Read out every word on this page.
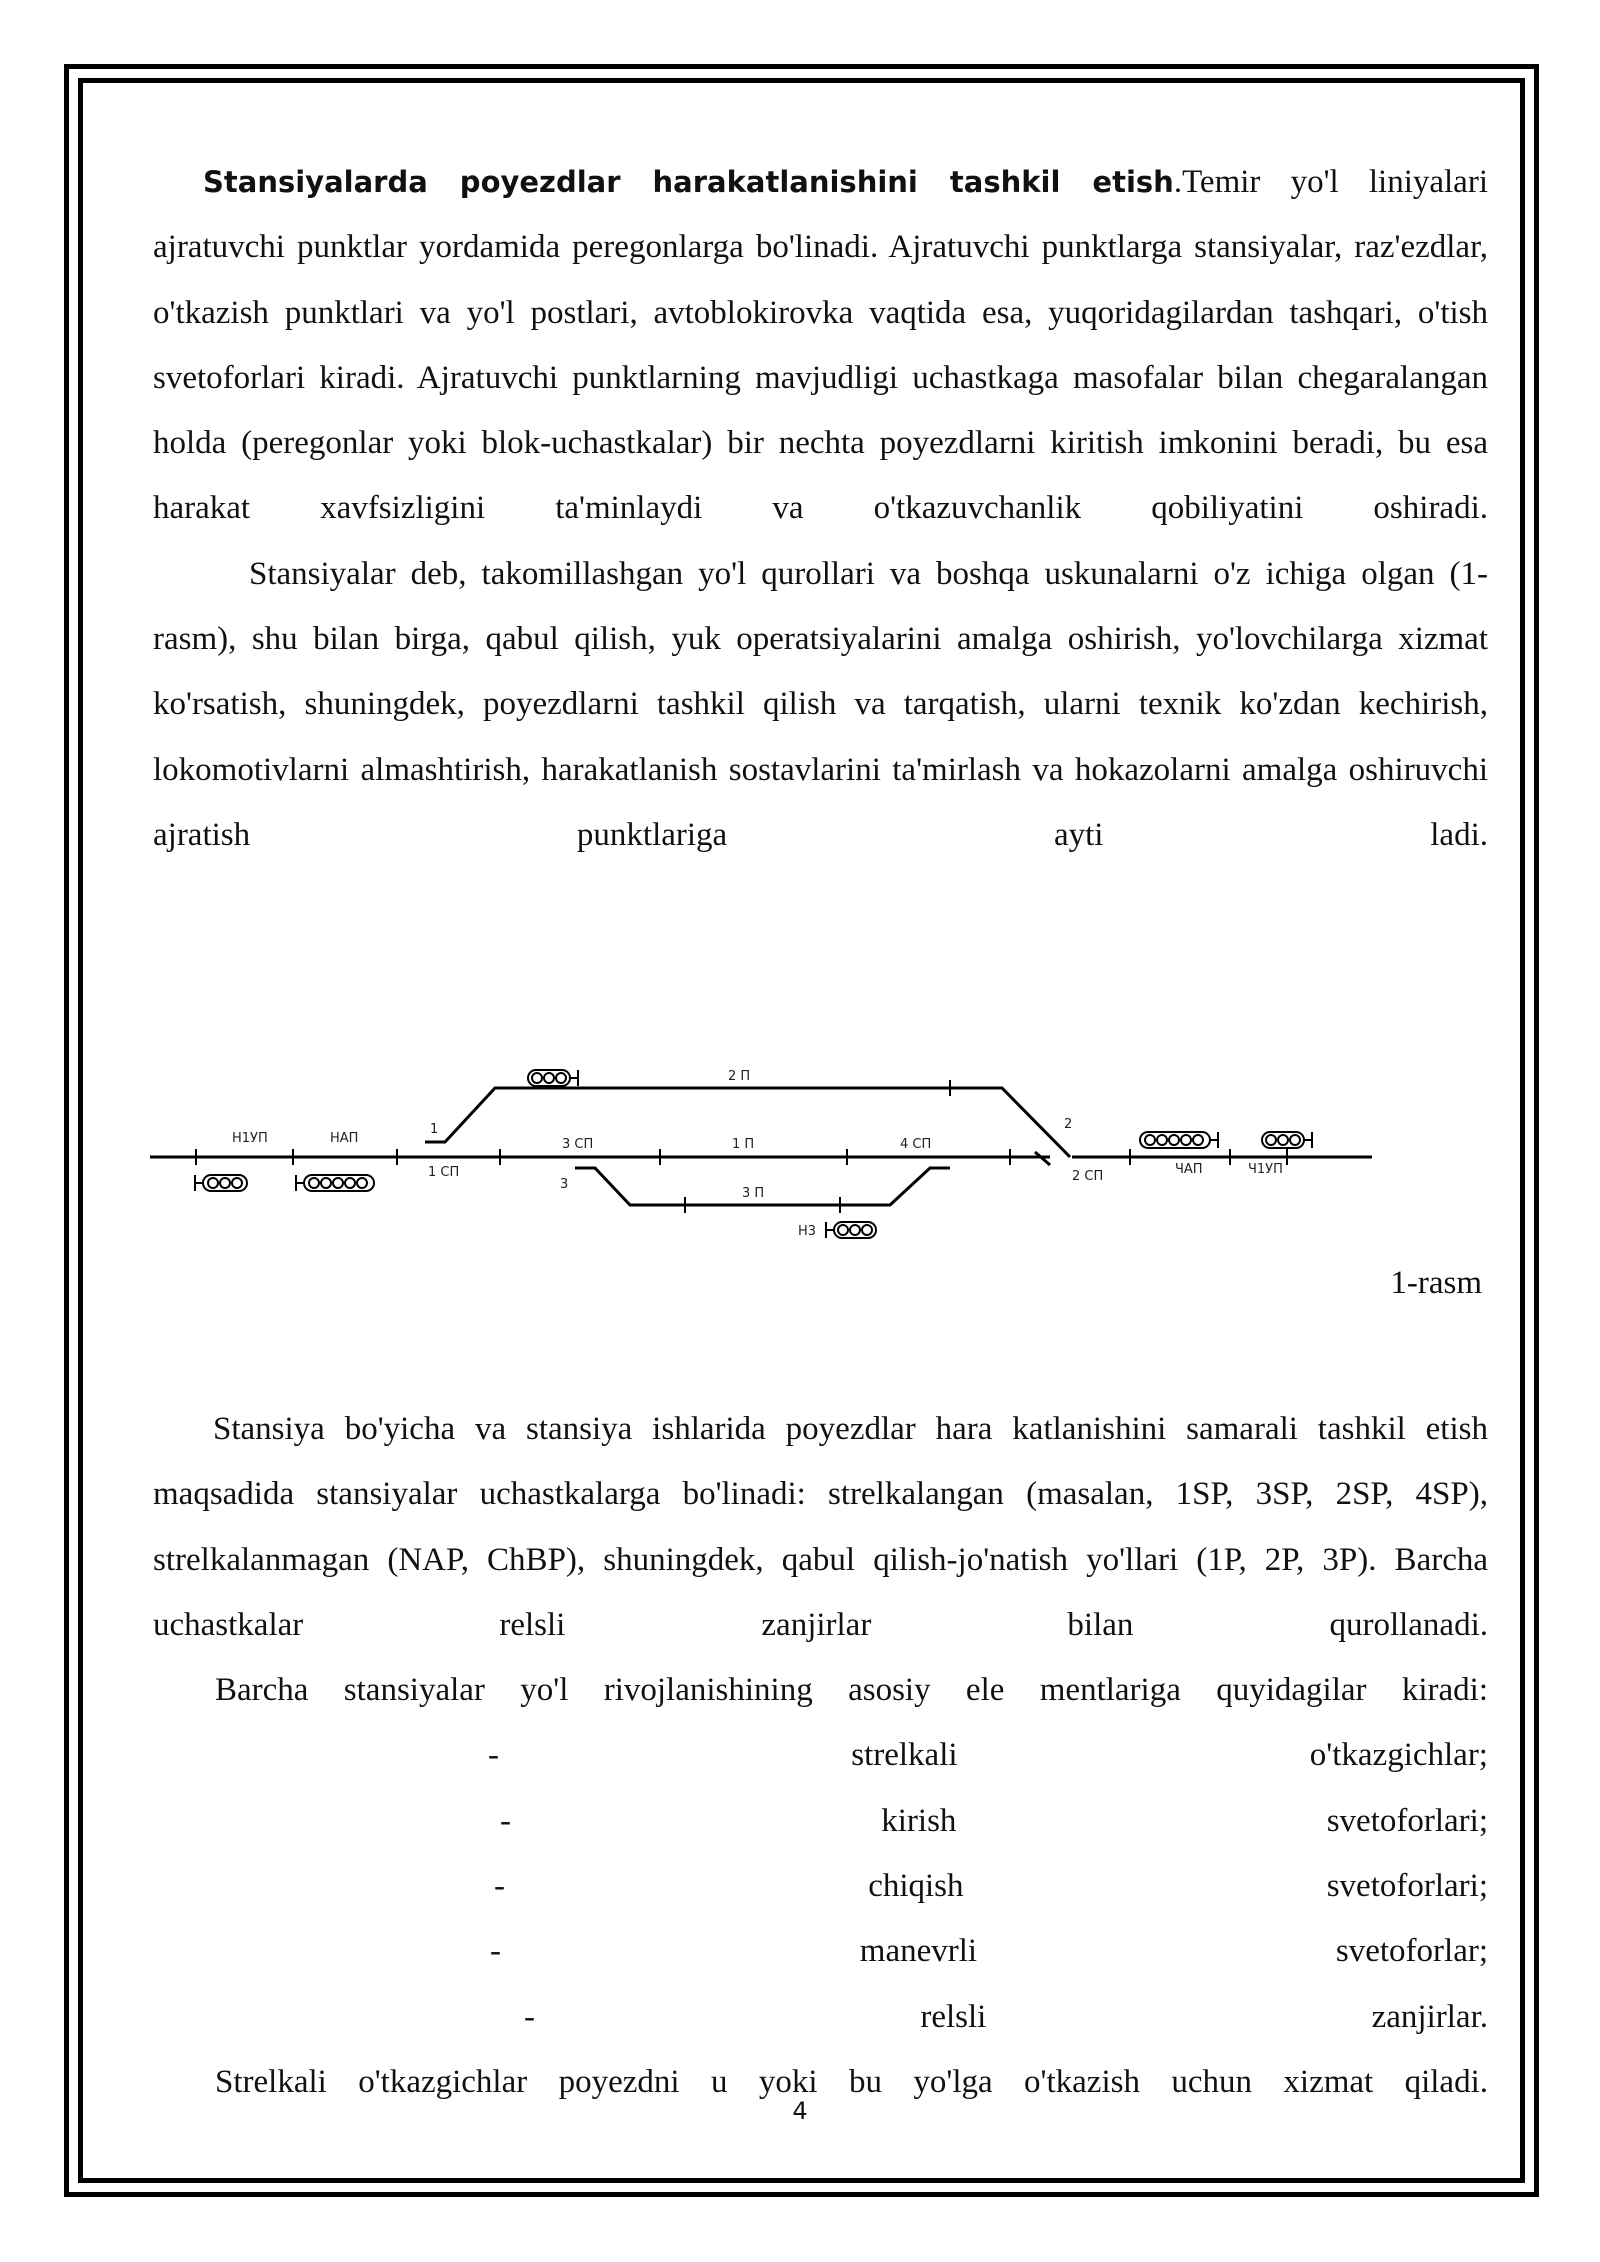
Stansiyalarda poyezdlar harakatlanishini tashkil etish.Temir yo'l liniyalari ajratuvchi punktlar yordamida peregonlarga bo'linadi. Ajratuvchi punktlarga stansiyalar, raz'ezdlar, o'tkazish punktlari va yo'l postlari, avtoblokirovka vaqtida esa, yuqoridagilardan tashqari, o'tish svetoforlari kiradi. Ajratuvchi punktlarning mavjudligi uchastkaga masofalar bilan chegaralangan holda (peregonlar yoki blok-uchastkalar) bir nechta poyezdlarni kiritish imkonini beradi, bu esa harakat xavfsizligini ta'minlaydi va o'tkazuvchanlik qobiliyatini oshiradi.

Stansiyalar deb, takomillashgan yo'l qurollari va boshqa uskunalarni o'z ichiga olgan (1-rasm), shu bilan birga, qabul qilish, yuk operatsiyalarini amalga oshirish, yo'lovchilarga xizmat ko'rsatish, shuningdek, poyezdlarni tashkil qilish va tarqatish, ularni texnik ko'zdan kechirish, lokomotivlarni almashtirish, harakatlanish sostavlarini ta'mirlash va hokazolarni amalga oshiruvchi ajratish punktlariga ayti ladi.

Н1УП	НАП
1
2 П
3 СП	1 П	4 СП
2
ЧАП	Ч1УП
1 СП
3
3 П
2 СП
Н3
1-rasm

Stansiya bo'yicha va stansiya ishlarida poyezdlar hara katlanishini samarali tashkil etish maqsadida stansiyalar uchastkalarga bo'linadi: strelkalangan (masalan, 1SP, 3SP, 2SP, 4SP), strelkalanmagan (NAP, ChBP), shuningdek, qabul qilish-jo'natish yo'llari (1P, 2P, 3P). Barcha uchastkalar relsli zanjirlar bilan qurollanadi.

Barcha stansiyalar yo'l rivojlanishining asosiy ele mentlariga quyidagilar kiradi:

-	strelkali	o'tkazgichlar;
-	kirish	svetoforlari;
-	chiqish	svetoforlari;
-	manevrli	svetoforlar;
-	relsli	zanjirlar.

Strelkali o'tkazgichlar poyezdni u yoki bu yo'lga o'tkazish uchun xizmat qiladi.

4
